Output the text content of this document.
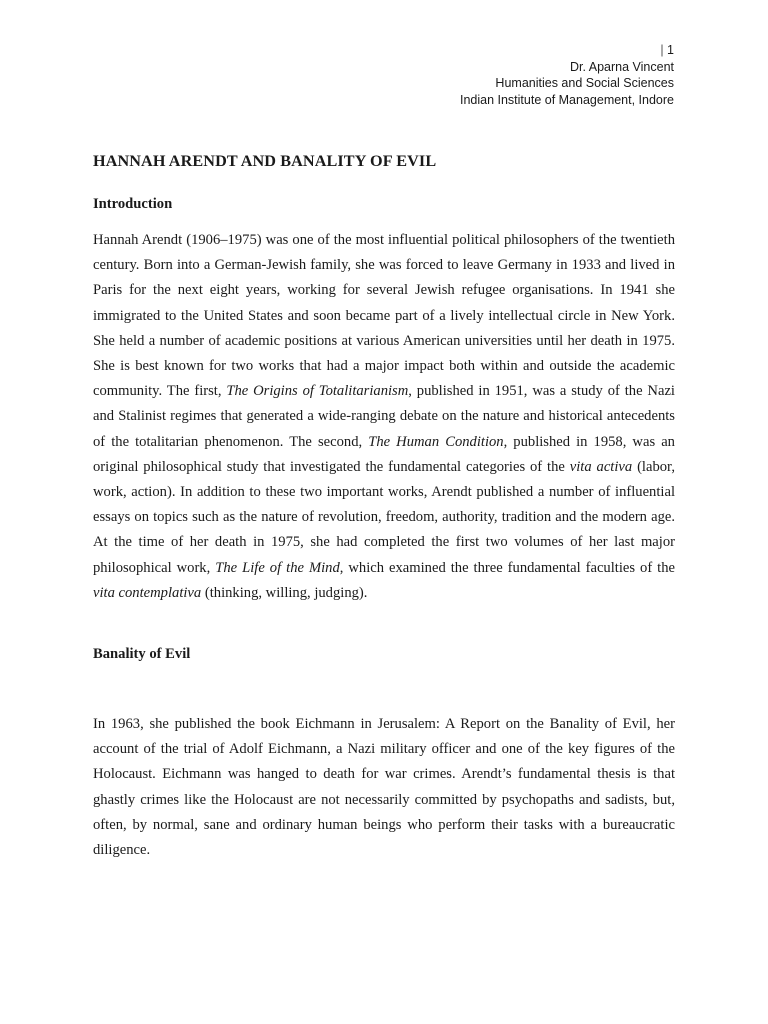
| 1
Dr. Aparna Vincent
Humanities and Social Sciences
Indian Institute of Management, Indore
HANNAH ARENDT AND BANALITY OF EVIL
Introduction

Hannah Arendt (1906–1975) was one of the most influential political philosophers of the twentieth century. Born into a German-Jewish family, she was forced to leave Germany in 1933 and lived in Paris for the next eight years, working for several Jewish refugee organisations. In 1941 she immigrated to the United States and soon became part of a lively intellectual circle in New York. She held a number of academic positions at various American universities until her death in 1975. She is best known for two works that had a major impact both within and outside the academic community. The first, The Origins of Totalitarianism, published in 1951, was a study of the Nazi and Stalinist regimes that generated a wide-ranging debate on the nature and historical antecedents of the totalitarian phenomenon. The second, The Human Condition, published in 1958, was an original philosophical study that investigated the fundamental categories of the vita activa (labor, work, action). In addition to these two important works, Arendt published a number of influential essays on topics such as the nature of revolution, freedom, authority, tradition and the modern age. At the time of her death in 1975, she had completed the first two volumes of her last major philosophical work, The Life of the Mind, which examined the three fundamental faculties of the vita contemplativa (thinking, willing, judging).

Banality of Evil

In 1963, she published the book Eichmann in Jerusalem: A Report on the Banality of Evil, her account of the trial of Adolf Eichmann, a Nazi military officer and one of the key figures of the Holocaust. Eichmann was hanged to death for war crimes. Arendt’s fundamental thesis is that ghastly crimes like the Holocaust are not necessarily committed by psychopaths and sadists, but, often, by normal, sane and ordinary human beings who perform their tasks with a bureaucratic diligence.
